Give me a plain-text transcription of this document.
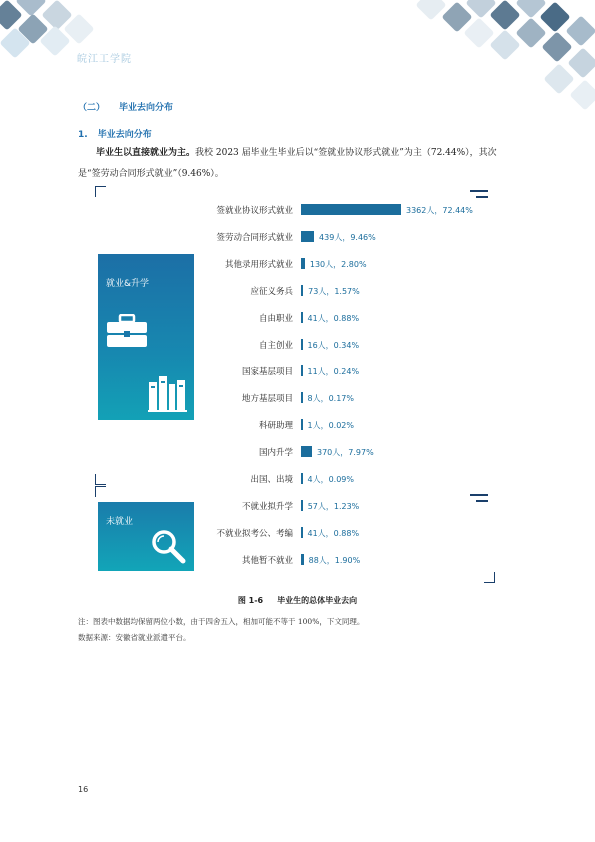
皖江工学院
（二） 毕业去向分布
1. 毕业去向分布
毕业生以直接就业为主。我校 2023 届毕业生毕业后以“签就业协议形式就业”为主（72.44%），其次是“签劳动合同形式就业”（9.46%）。
就业&升学
未就业
签就业协议形式就业	3362人，72.44%
签劳动合同形式就业	439人，9.46%
其他录用形式就业 130人，2.80%
应征义务兵 73人，1.57%
自由职业 41人，0.88%
自主创业 16人，0.34%
国家基层项目 11人，0.24%
地方基层项目 8人，0.17%
科研助理 1人，0.02%
国内升学	370人，7.97%
出国、出境 4人，0.09%
不就业拟升学 57人，1.23%
不就业拟考公、考编 41人，0.88%
其他暂不就业 88人，1.90%
图 1-6 毕业生的总体毕业去向
注：图表中数据均保留两位小数，由于四舍五入，相加可能不等于 100%，下文同理。
数据来源：安徽省就业派遣平台。
16
